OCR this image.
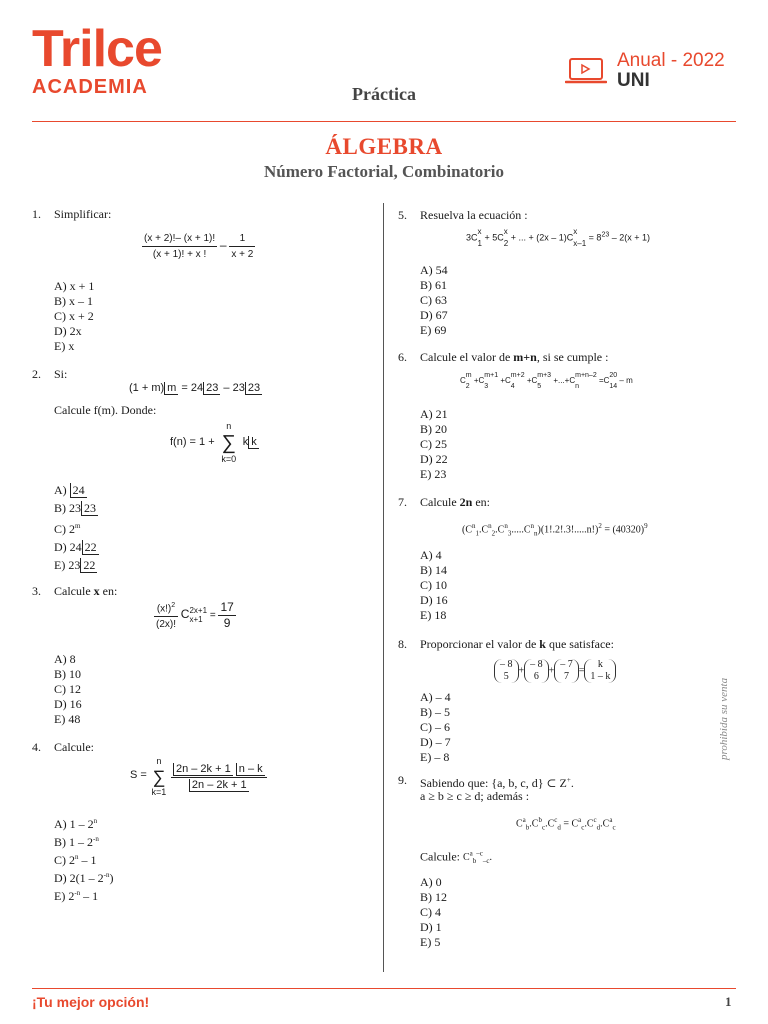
Trilce
ACADEMIA	Práctica
Anual - 2022
UNI
ÁLGEBRA
Número Factorial, Combinatorio
1. Simplificar:
$\frac{(x + 2)!- (x + 1)!}{(x + 1)! + x !} - \frac{1}{x + 2}$
A) x + 1
B) x – 1
C) x + 2
D) 2x
E) x
2. Si:
(1 + m) m = 24 23 – 23 23
Calcule f(m). Donde:
f(n) = 1 +
n
∑
k=0
k k
A) 24
B) 23 23
C) 2$^m$
D) 24 22
E) 23 22
3. Calcule x en:
$\frac{(x!)^2}{(2x)!}$ C 2x+1
$x+1 = \frac{17}{9}$
A) 8
B) 10
C) 12
D) 16
E) 48
4. Calcule:
S =
n
∑
k=1
$\frac{2n - 2k + 1 n - k}{2n - 2k + 1}$
A) 1 – 2$^n$
B) $1 - 2^{-n}$
C) 2$^n$ – 1
D) $2(1 - 2^{-n})$
E) $2^{-n} - 1$
5. Resuelva la ecuación :
3C
x
1
+ 5C
x
2
+ ... + (2x – 1)C
x
x–1
= $8^{23} - 2(x + 1)$
A) 54
B) 61
C) 63
D) 67
E) 69
6. Calcule el valor de m+n, si se cumple :
C
m
2
+C
m+1
3
+C
m+2
4
+C
m+3
5
+...+C
m+n–2
n
=C
20
14
– m
A) 21
B) 20
C) 25
D) 22
E) 23
7. Calcule 2n en:
$(C^n_1.C^n_2.C^n_3.....C^n_n)(1!.2!.3!.....n!)^2 = (40320)^9$
A) 4
B) 14
C) 10
D) 16
E) 18
8. Proporcionar el valor de k que satisface:
– 8
5
+
– 8
6
+
– 7
7
=
k
1 – k
A) – 4
B) – 5
C) – 6
D) – 7
E) – 8
9. Sabiendo que: {a, b, c, d} ⊂ Z+.
a ≥ b ≥ c ≥ d; además :
$C^a_b.C^b_c.C^c_d = C^a_c.C^c_d.C^a_c$
Calcule: $C^a_b^{-c}_{-c}$.
A) 0
B) 12
C) 4
D) 1
E) 5
prohibida su venta
¡Tu mejor opción!	1
